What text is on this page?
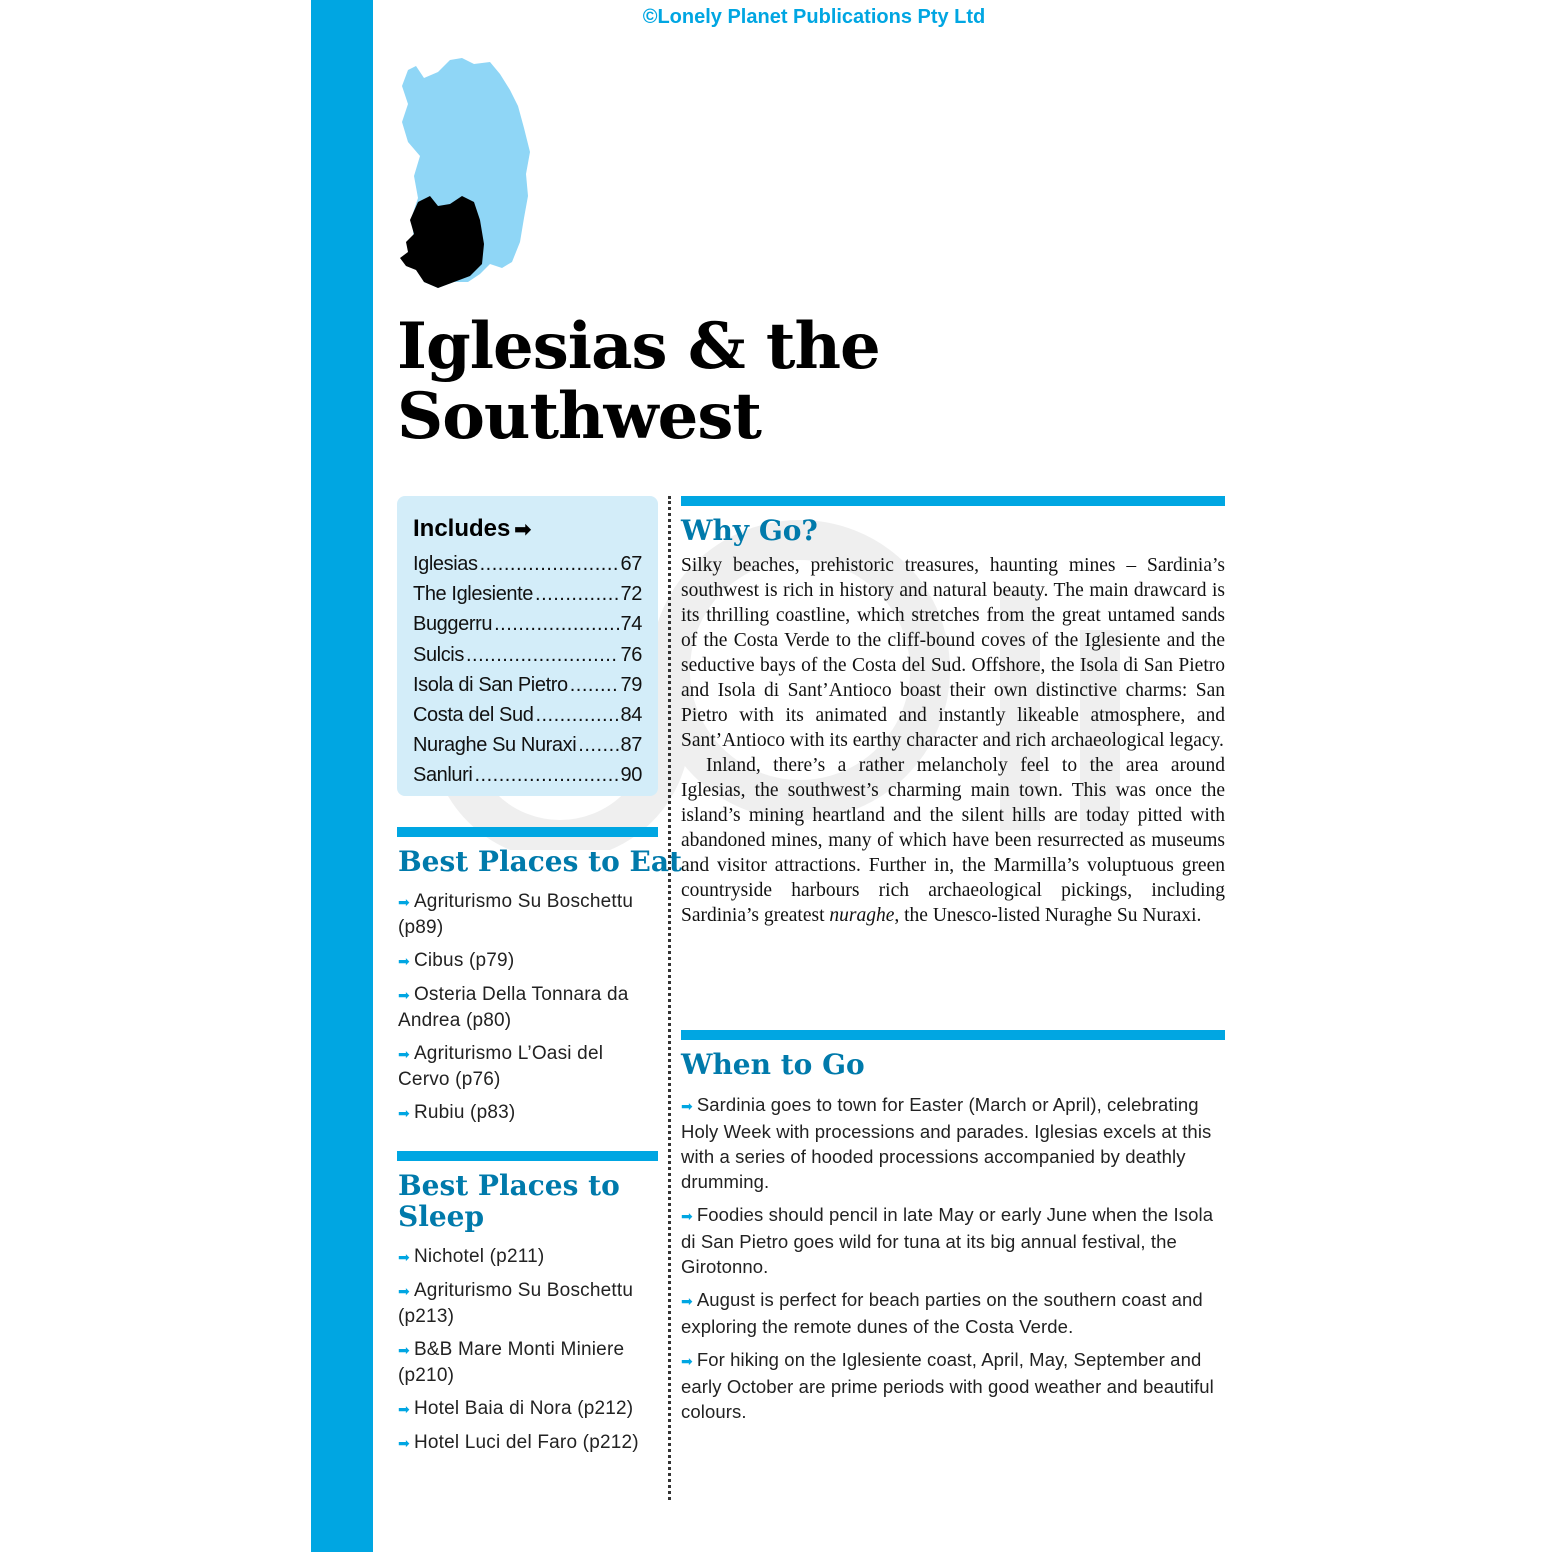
©Lonely Planet Publications Pty Ltd
Iglesias & the
Southwest
Includes ➡
Iglesias .....	67
The Iglesiente .....	72
Buggerru .....	74
Sulcis .....	76
Isola di San Pietro .....	79
Costa del Sud .....	84
Nuraghe Su Nuraxi ..... 87
Sanluri .....	90
Best Places to Eat
➡ Agriturismo Su Boschettu (p89)
➡ Cibus (p79)
➡ Osteria Della Tonnara da Andrea (p80)
➡ Agriturismo L’Oasi del Cervo (p76)
➡ Rubiu (p83)
Best Places to
Sleep
➡ Nichotel (p211)
➡ Agriturismo Su Boschettu (p213)
➡ B&B Mare Monti Miniere (p210)
➡ Hotel Baia di Nora (p212)
➡ Hotel Luci del Faro (p212)
Why Go?

Silky beaches, prehistoric treasures, haunting mines – Sardinia’s southwest is rich in history and natural beauty. The main drawcard is its thrilling coastline, which stretches from the great untamed sands of the Costa Verde to the cliff-bound coves of the Iglesiente and the seductive bays of the Costa del Sud. Offshore, the Isola di San Pietro and Isola di Sant’Antioco boast their own distinctive charms: San Pietro with its animated and instantly likeable atmosphere, and Sant’Antioco with its earthy character and rich archaeological legacy.

Inland, there’s a rather melancholy feel to the area around Iglesias, the southwest’s charming main town. This was once the island’s mining heartland and the silent hills are today pitted with abandoned mines, many of which have been resurrected as museums and visitor attractions. Further in, the Marmilla’s voluptuous green countryside harbours rich archaeological pickings, including Sardinia’s greatest nuraghe, the Unesco-listed Nuraghe Su Nuraxi.

When to Go
➡ Sardinia goes to town for Easter (March or April), celebrating Holy Week with processions and parades. Iglesias excels at this with a series of hooded processions accompanied by deathly drumming.
➡ Foodies should pencil in late May or early June when the Isola di San Pietro goes wild for tuna at its big annual festival, the Girotonno.
➡ August is perfect for beach parties on the southern coast and exploring the remote dunes of the Costa Verde.
➡ For hiking on the Iglesiente coast, April, May, September and early October are prime periods with good weather and beautiful colours.
